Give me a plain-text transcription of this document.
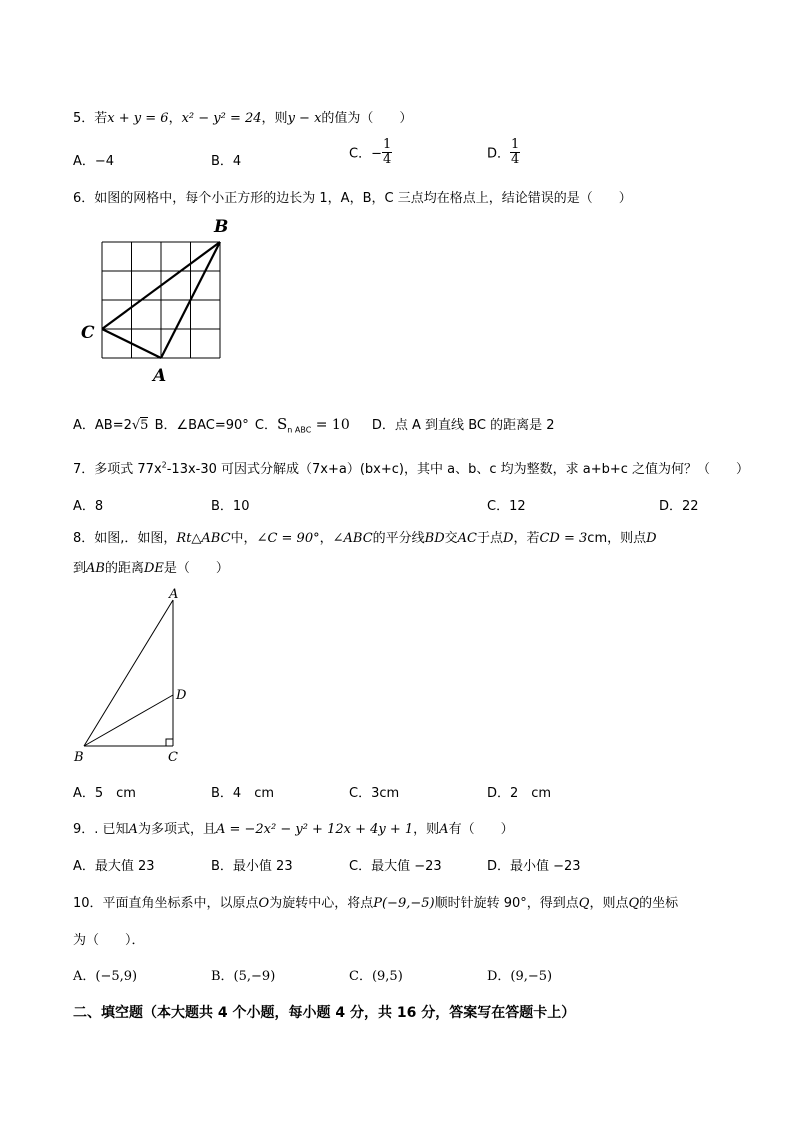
5．若x + y = 6，x² − y² = 24，则y − x的值为（　　）
A．−4	B．4	C．− $\frac{1}{4}$	D． $\frac{1}{4}$
6．如图的网格中，每个小正方形的边长为 1，A，B，C 三点均在格点上，结论错误的是（　　）
B
C
A
A．AB=2√5 B．∠BAC=90° C．$S_{n ABC} = 10$ D．点 A 到直线 BC 的距离是 2
7．多项式 $77x^2-13x-30$ 可因式分解成（7x+a）(bx+c)，其中 a、b、c 均为整数，求 a+b+c 之值为何？（　　）
A．8	B．10	C．12	D．22
8．如图,．如图，Rt△ABC中，∠C = 90°，∠ABC的平分线BD交AC于点D，若CD = 3cm，则点D
到AB的距离DE是（　　）
A
D
B	C
A．5　cm	B．4　cm	C．3cm	D．2　cm
9．. 已知A为多项式，且A = −2x² − y² + 12x + 4y + 1，则A有（　　）
A．最大值 23	B．最小值 23	C．最大值 −23	D．最小值 −23
10．平面直角坐标系中，以原点O为旋转中心，将点P(−9,−5)顺时针旋转 90°，得到点Q，则点Q的坐标
为（　　）．
A．(−5,9)	B．(5,−9)	C．(9,5)	D．(9,−5)
二、填空题（本大题共 4 个小题，每小题 4 分，共 16 分，答案写在答题卡上）
